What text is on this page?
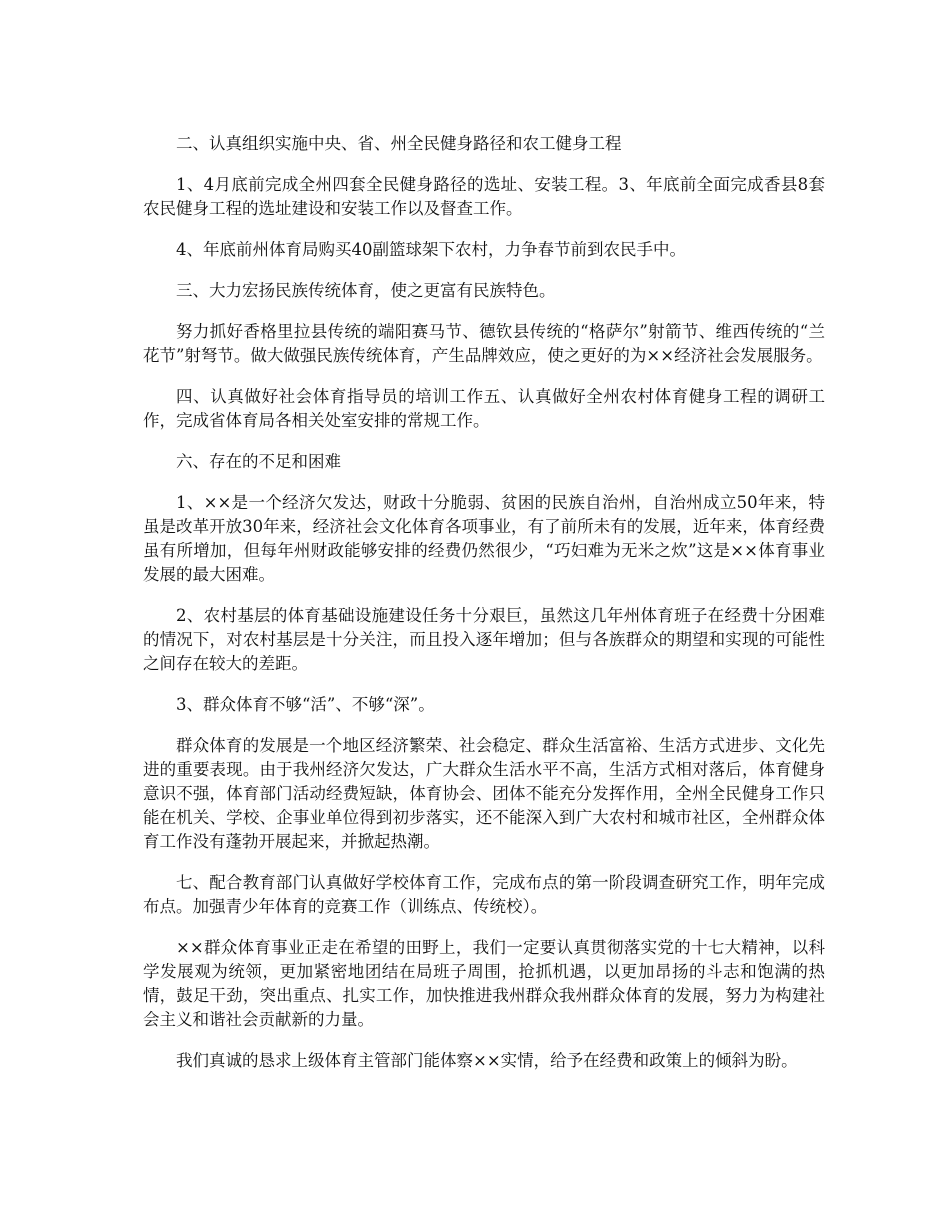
二、认真组织实施中央、省、州全民健身路径和农工健身工程

1、4月底前完成全州四套全民健身路径的选址、安装工程。3、年底前全面完成香县8套农民健身工程的选址建设和安装工作以及督查工作。

4、年底前州体育局购买40副篮球架下农村，力争春节前到农民手中。

三、大力宏扬民族传统体育，使之更富有民族特色。

努力抓好香格里拉县传统的端阳赛马节、德钦县传统的“格萨尔”射箭节、维西传统的“兰花节”射弩节。做大做强民族传统体育，产生品牌效应，使之更好的为××经济社会发展服务。

四、认真做好社会体育指导员的培训工作五、认真做好全州农村体育健身工程的调研工作，完成省体育局各相关处室安排的常规工作。

六、存在的不足和困难

1、××是一个经济欠发达，财政十分脆弱、贫困的民族自治州，自治州成立50年来，特虽是改革开放30年来，经济社会文化体育各项事业，有了前所未有的发展，近年来，体育经费虽有所增加，但每年州财政能够安排的经费仍然很少，“巧妇难为无米之炊”这是××体育事业发展的最大困难。

2、农村基层的体育基础设施建设任务十分艰巨，虽然这几年州体育班子在经费十分困难的情况下，对农村基层是十分关注，而且投入逐年增加；但与各族群众的期望和实现的可能性之间存在较大的差距。

3、群众体育不够“活”、不够“深”。

群众体育的发展是一个地区经济繁荣、社会稳定、群众生活富裕、生活方式进步、文化先进的重要表现。由于我州经济欠发达，广大群众生活水平不高，生活方式相对落后，体育健身意识不强，体育部门活动经费短缺，体育协会、团体不能充分发挥作用，全州全民健身工作只能在机关、学校、企事业单位得到初步落实，还不能深入到广大农村和城市社区，全州群众体育工作没有蓬勃开展起来，并掀起热潮。

七、配合教育部门认真做好学校体育工作，完成布点的第一阶段调查研究工作，明年完成布点。加强青少年体育的竞赛工作（训练点、传统校）。

××群众体育事业正走在希望的田野上，我们一定要认真贯彻落实党的十七大精神，以科学发展观为统领，更加紧密地团结在局班子周围，抢抓机遇，以更加昂扬的斗志和饱满的热情，鼓足干劲，突出重点、扎实工作，加快推进我州群众我州群众体育的发展，努力为构建社会主义和谐社会贡献新的力量。

我们真诚的恳求上级体育主管部门能体察××实情，给予在经费和政策上的倾斜为盼。
